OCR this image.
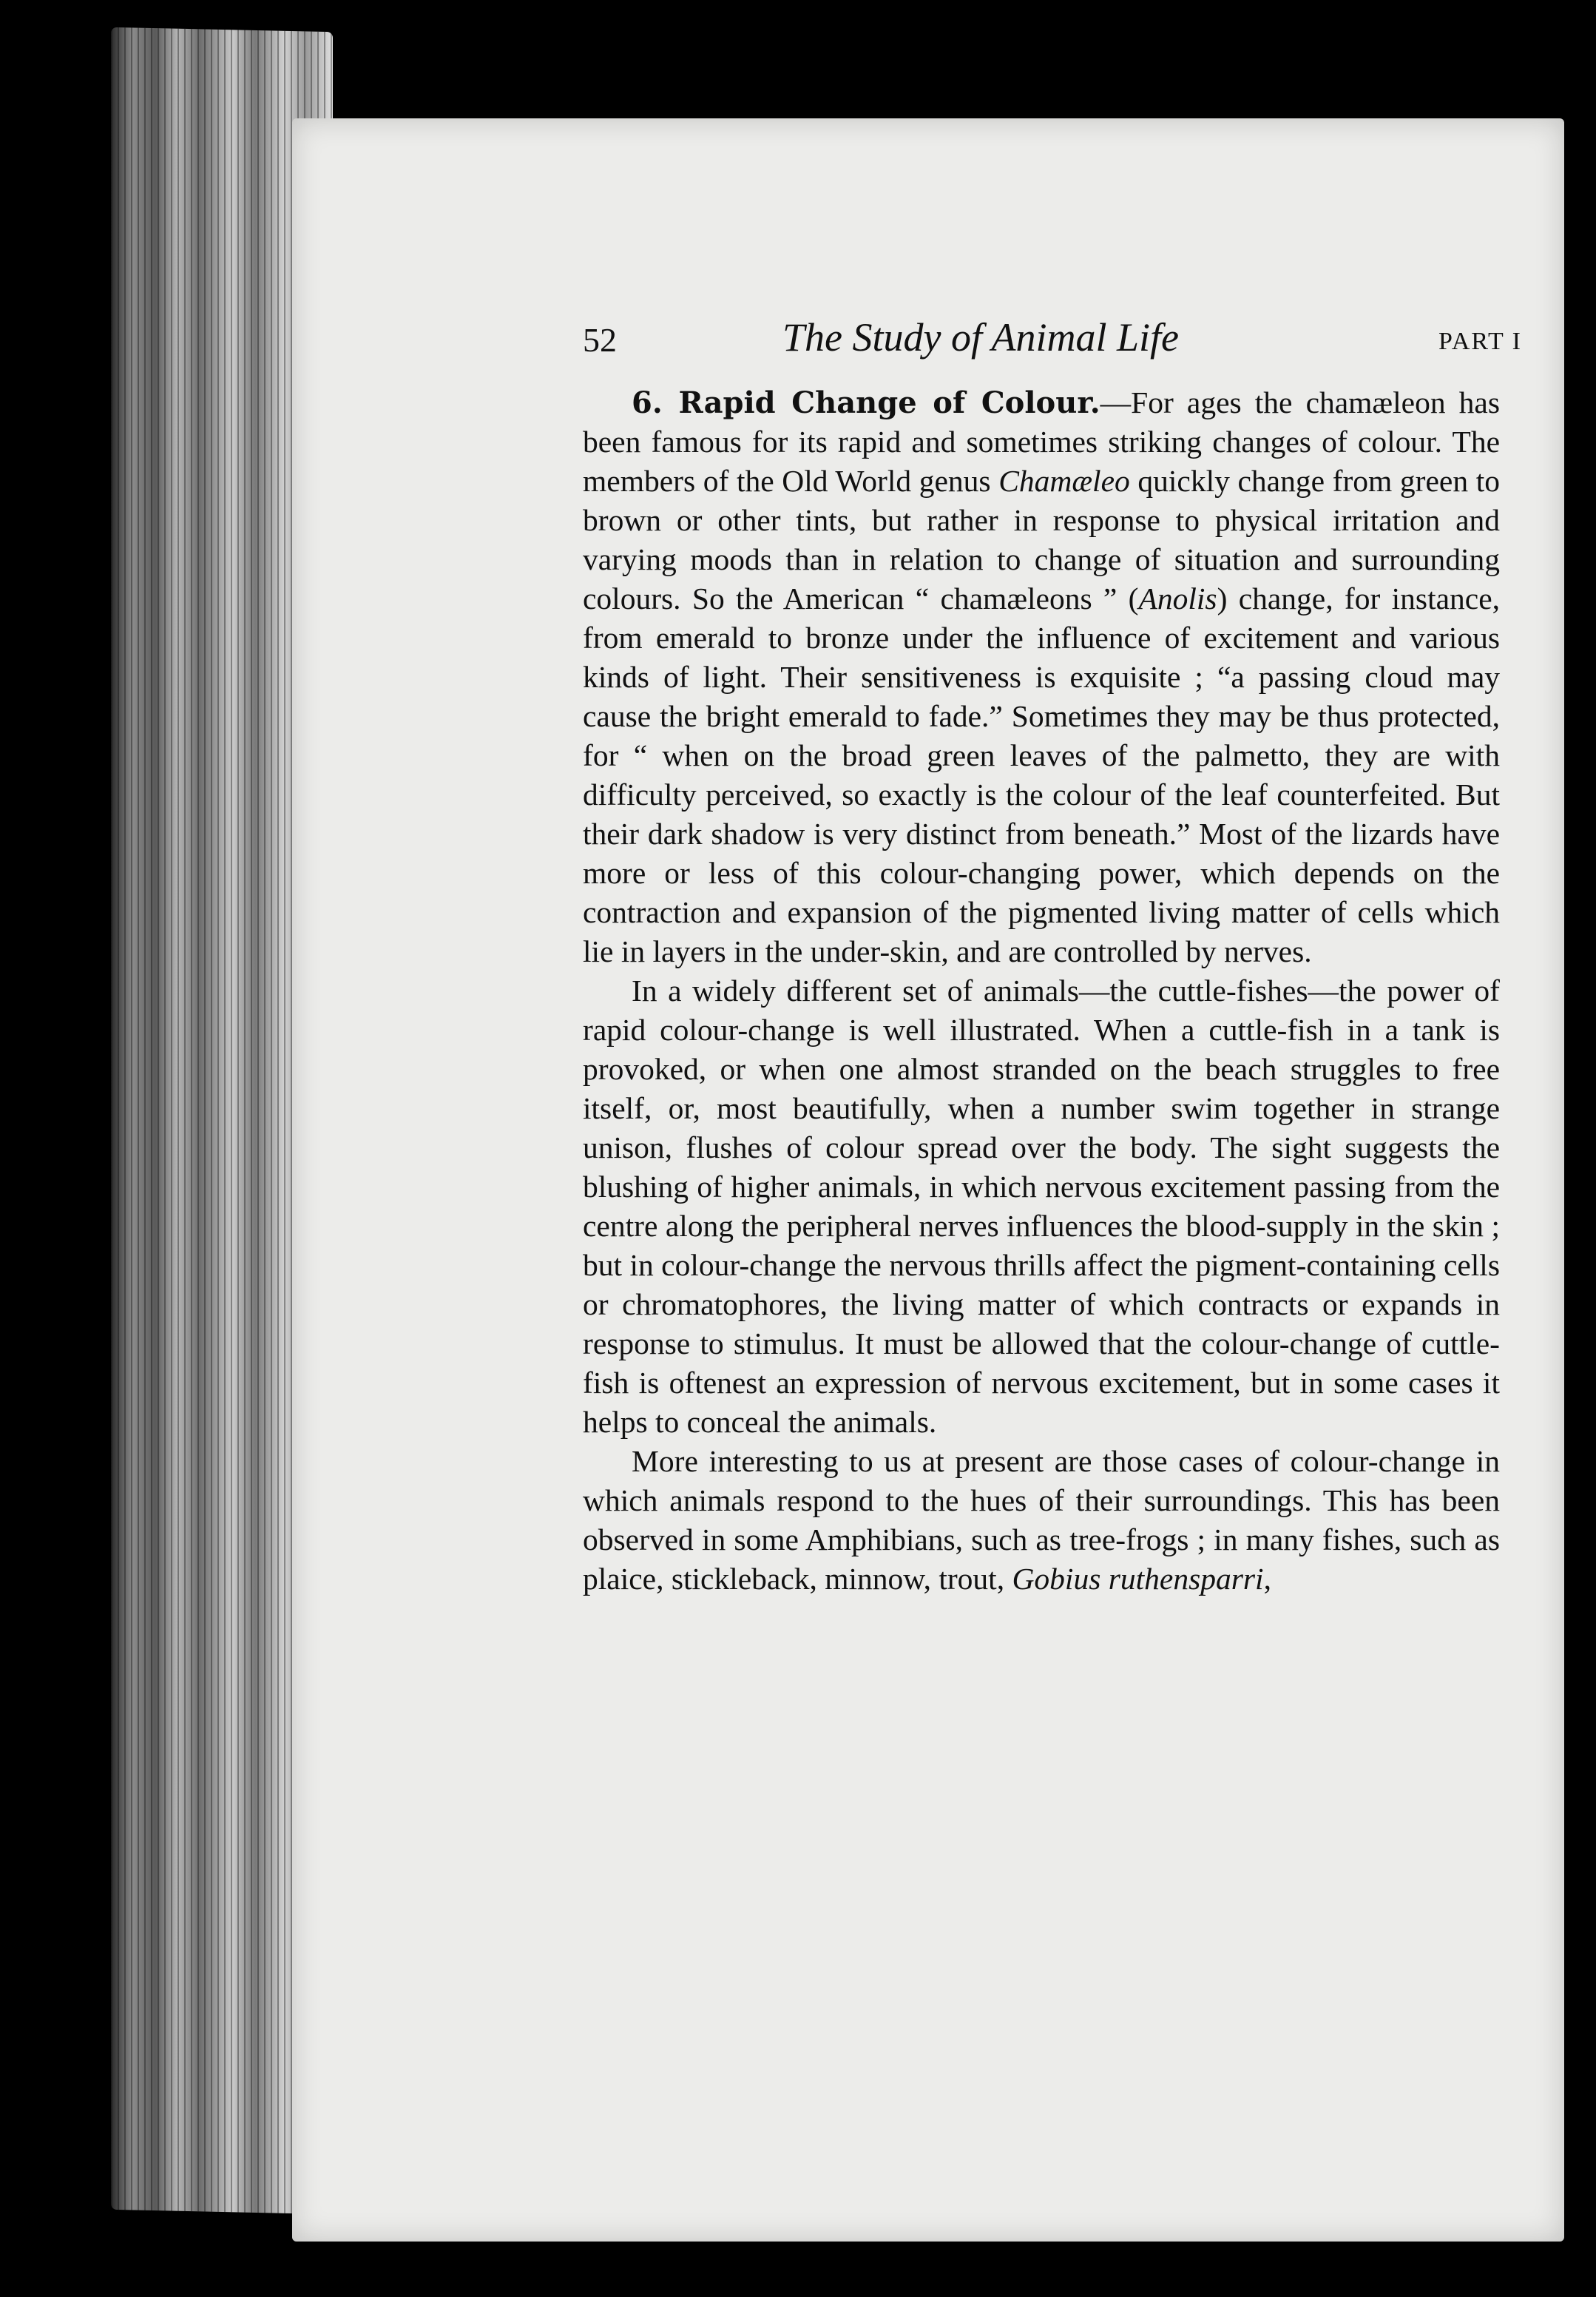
52	The Study of Animal Life	PART I

6. Rapid Change of Colour.—For ages the chamæleon has been famous for its rapid and sometimes striking changes of colour. The members of the Old World genus Chamæleo quickly change from green to brown or other tints, but rather in response to physical irritation and varying moods than in relation to change of situation and surrounding colours. So the American “ chamæleons ” (Anolis) change, for instance, from emerald to bronze under the influence of excitement and various kinds of light. Their sensitiveness is exquisite ; “a passing cloud may cause the bright emerald to fade.” Sometimes they may be thus protected, for “ when on the broad green leaves of the palmetto, they are with difficulty perceived, so exactly is the colour of the leaf counterfeited. But their dark shadow is very distinct from beneath.” Most of the lizards have more or less of this colour-changing power, which depends on the contraction and expansion of the pigmented living matter of cells which lie in layers in the under-skin, and are controlled by nerves.

In a widely different set of animals—the cuttle-fishes—the power of rapid colour-change is well illustrated. When a cuttle-fish in a tank is provoked, or when one almost stranded on the beach struggles to free itself, or, most beautifully, when a number swim together in strange unison, flushes of colour spread over the body. The sight suggests the blushing of higher animals, in which nervous excitement passing from the centre along the peripheral nerves influences the blood-supply in the skin ; but in colour-change the nervous thrills affect the pigment-containing cells or chromatophores, the living matter of which contracts or expands in response to stimulus. It must be allowed that the colour-change of cuttle-fish is oftenest an expression of nervous excitement, but in some cases it helps to conceal the animals.

More interesting to us at present are those cases of colour-change in which animals respond to the hues of their surroundings. This has been observed in some Amphibians, such as tree-frogs ; in many fishes, such as plaice, stickleback, minnow, trout, Gobius ruthensparri,
